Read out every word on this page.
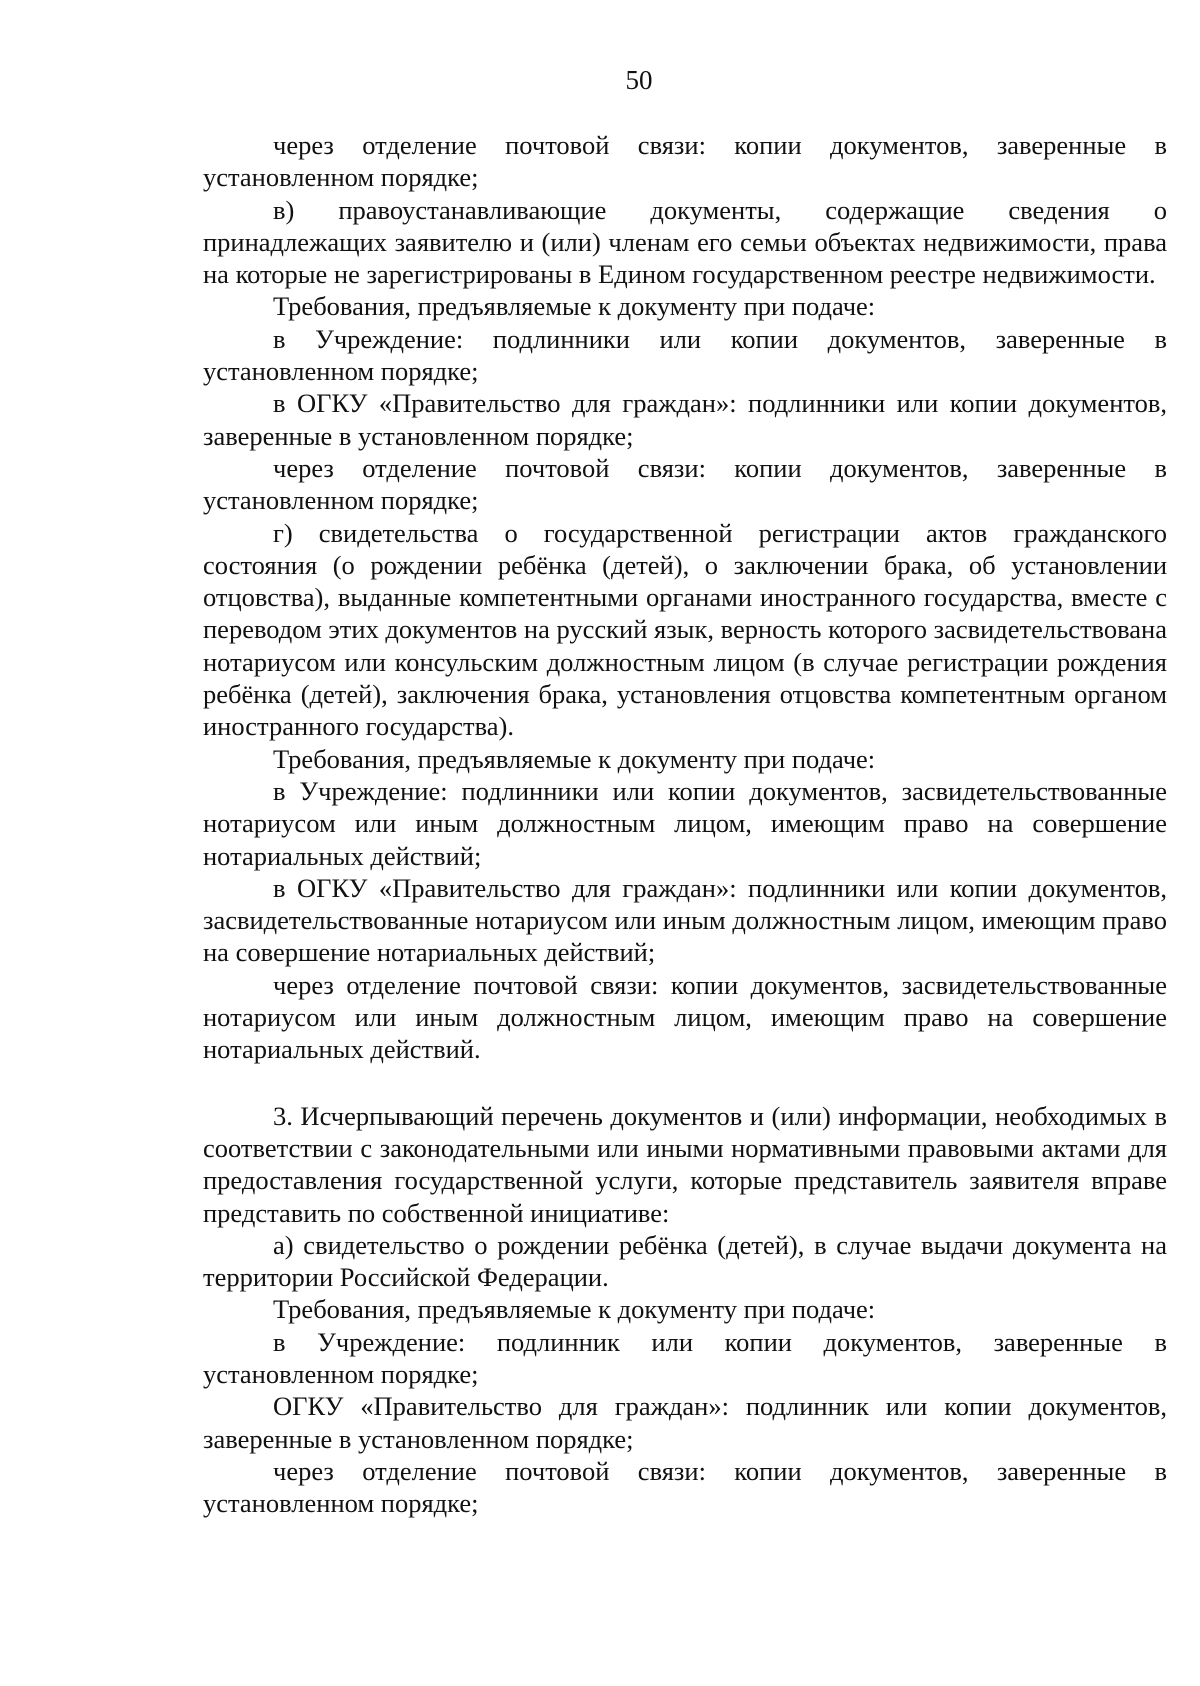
50

через отделение почтовой связи: копии документов, заверенные в установленном порядке;

в) правоустанавливающие документы, содержащие сведения о принадлежащих заявителю и (или) членам его семьи объектах недвижимости, права на которые не зарегистрированы в Едином государственном реестре недвижимости.

Требования, предъявляемые к документу при подаче:

в Учреждение: подлинники или копии документов, заверенные в установленном порядке;

в ОГКУ «Правительство для граждан»: подлинники или копии документов, заверенные в установленном порядке;

через отделение почтовой связи: копии документов, заверенные в установленном порядке;

г) свидетельства о государственной регистрации актов гражданского состояния (о рождении ребёнка (детей), о заключении брака, об установлении отцовства), выданные компетентными органами иностранного государства, вместе с переводом этих документов на русский язык, верность которого засвидетельствована нотариусом или консульским должностным лицом (в случае регистрации рождения ребёнка (детей), заключения брака, установления отцовства компетентным органом иностранного государства).

Требования, предъявляемые к документу при подаче:

в Учреждение: подлинники или копии документов, засвидетельствованные нотариусом или иным должностным лицом, имеющим право на совершение нотариальных действий;

в ОГКУ «Правительство для граждан»: подлинники или копии документов, засвидетельствованные нотариусом или иным должностным лицом, имеющим право на совершение нотариальных действий;

через отделение почтовой связи: копии документов, засвидетельствованные нотариусом или иным должностным лицом, имеющим право на совершение нотариальных действий.

3. Исчерпывающий перечень документов и (или) информации, необходимых в соответствии с законодательными или иными нормативными правовыми актами для предоставления государственной услуги, которые представитель заявителя вправе представить по собственной инициативе:

а) свидетельство о рождении ребёнка (детей), в случае выдачи документа на территории Российской Федерации.

Требования, предъявляемые к документу при подаче:

в Учреждение: подлинник или копии документов, заверенные в установленном порядке;

ОГКУ «Правительство для граждан»: подлинник или копии документов, заверенные в установленном порядке;

через отделение почтовой связи: копии документов, заверенные в установленном порядке;
